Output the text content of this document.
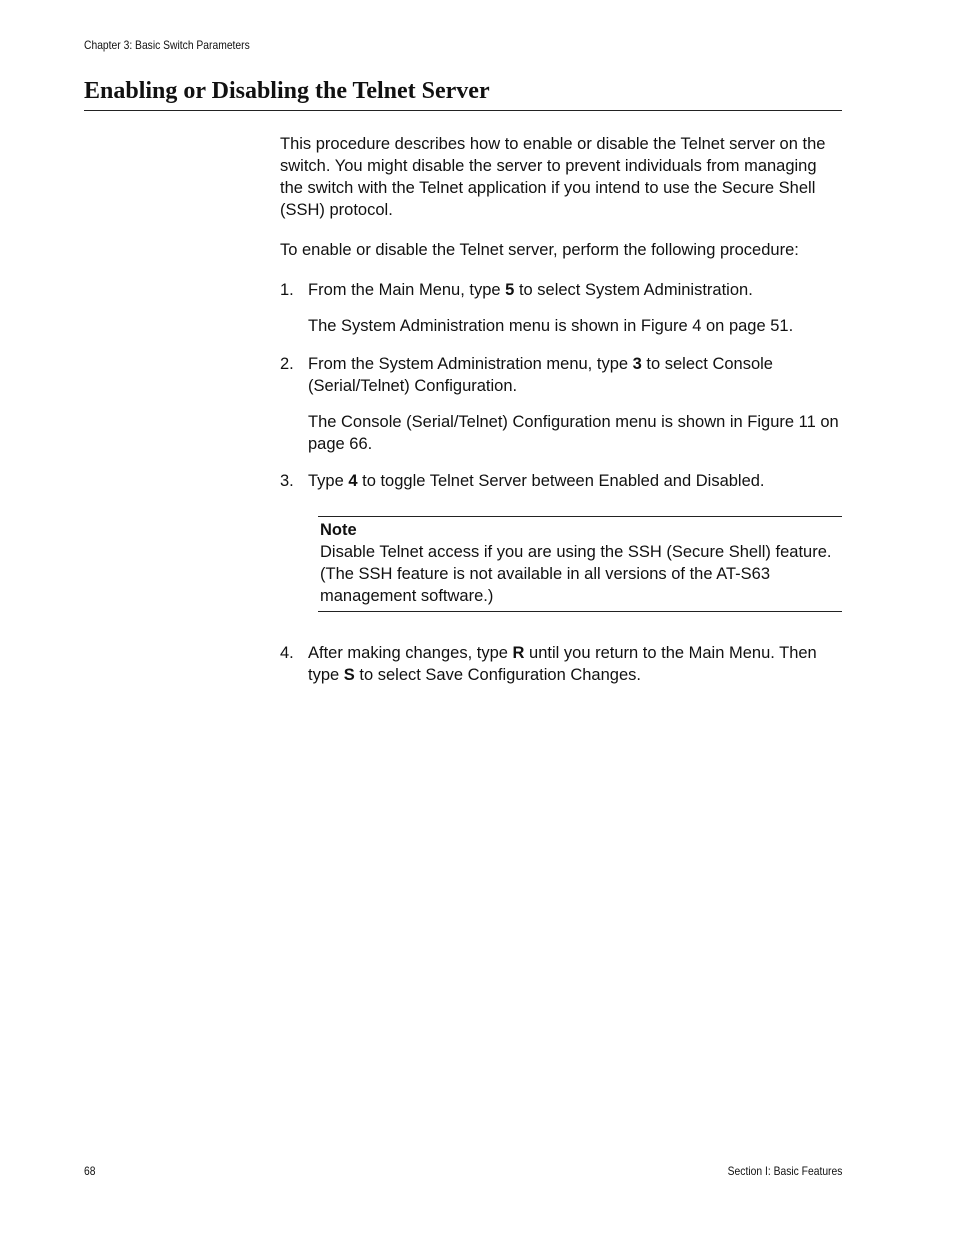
Chapter 3: Basic Switch Parameters
Enabling or Disabling the Telnet Server

This procedure describes how to enable or disable the Telnet server on the switch. You might disable the server to prevent individuals from managing the switch with the Telnet application if you intend to use the Secure Shell (SSH) protocol.

To enable or disable the Telnet server, perform the following procedure:

1. From the Main Menu, type 5 to select System Administration.

The System Administration menu is shown in Figure 4 on page 51.

2. From the System Administration menu, type 3 to select Console (Serial/Telnet) Configuration.

The Console (Serial/Telnet) Configuration menu is shown in Figure 11 on page 66.

3. Type 4 to toggle Telnet Server between Enabled and Disabled.

Note

Disable Telnet access if you are using the SSH (Secure Shell) feature. (The SSH feature is not available in all versions of the AT-S63 management software.)

4. After making changes, type R until you return to the Main Menu. Then type S to select Save Configuration Changes.

68	Section I: Basic Features
